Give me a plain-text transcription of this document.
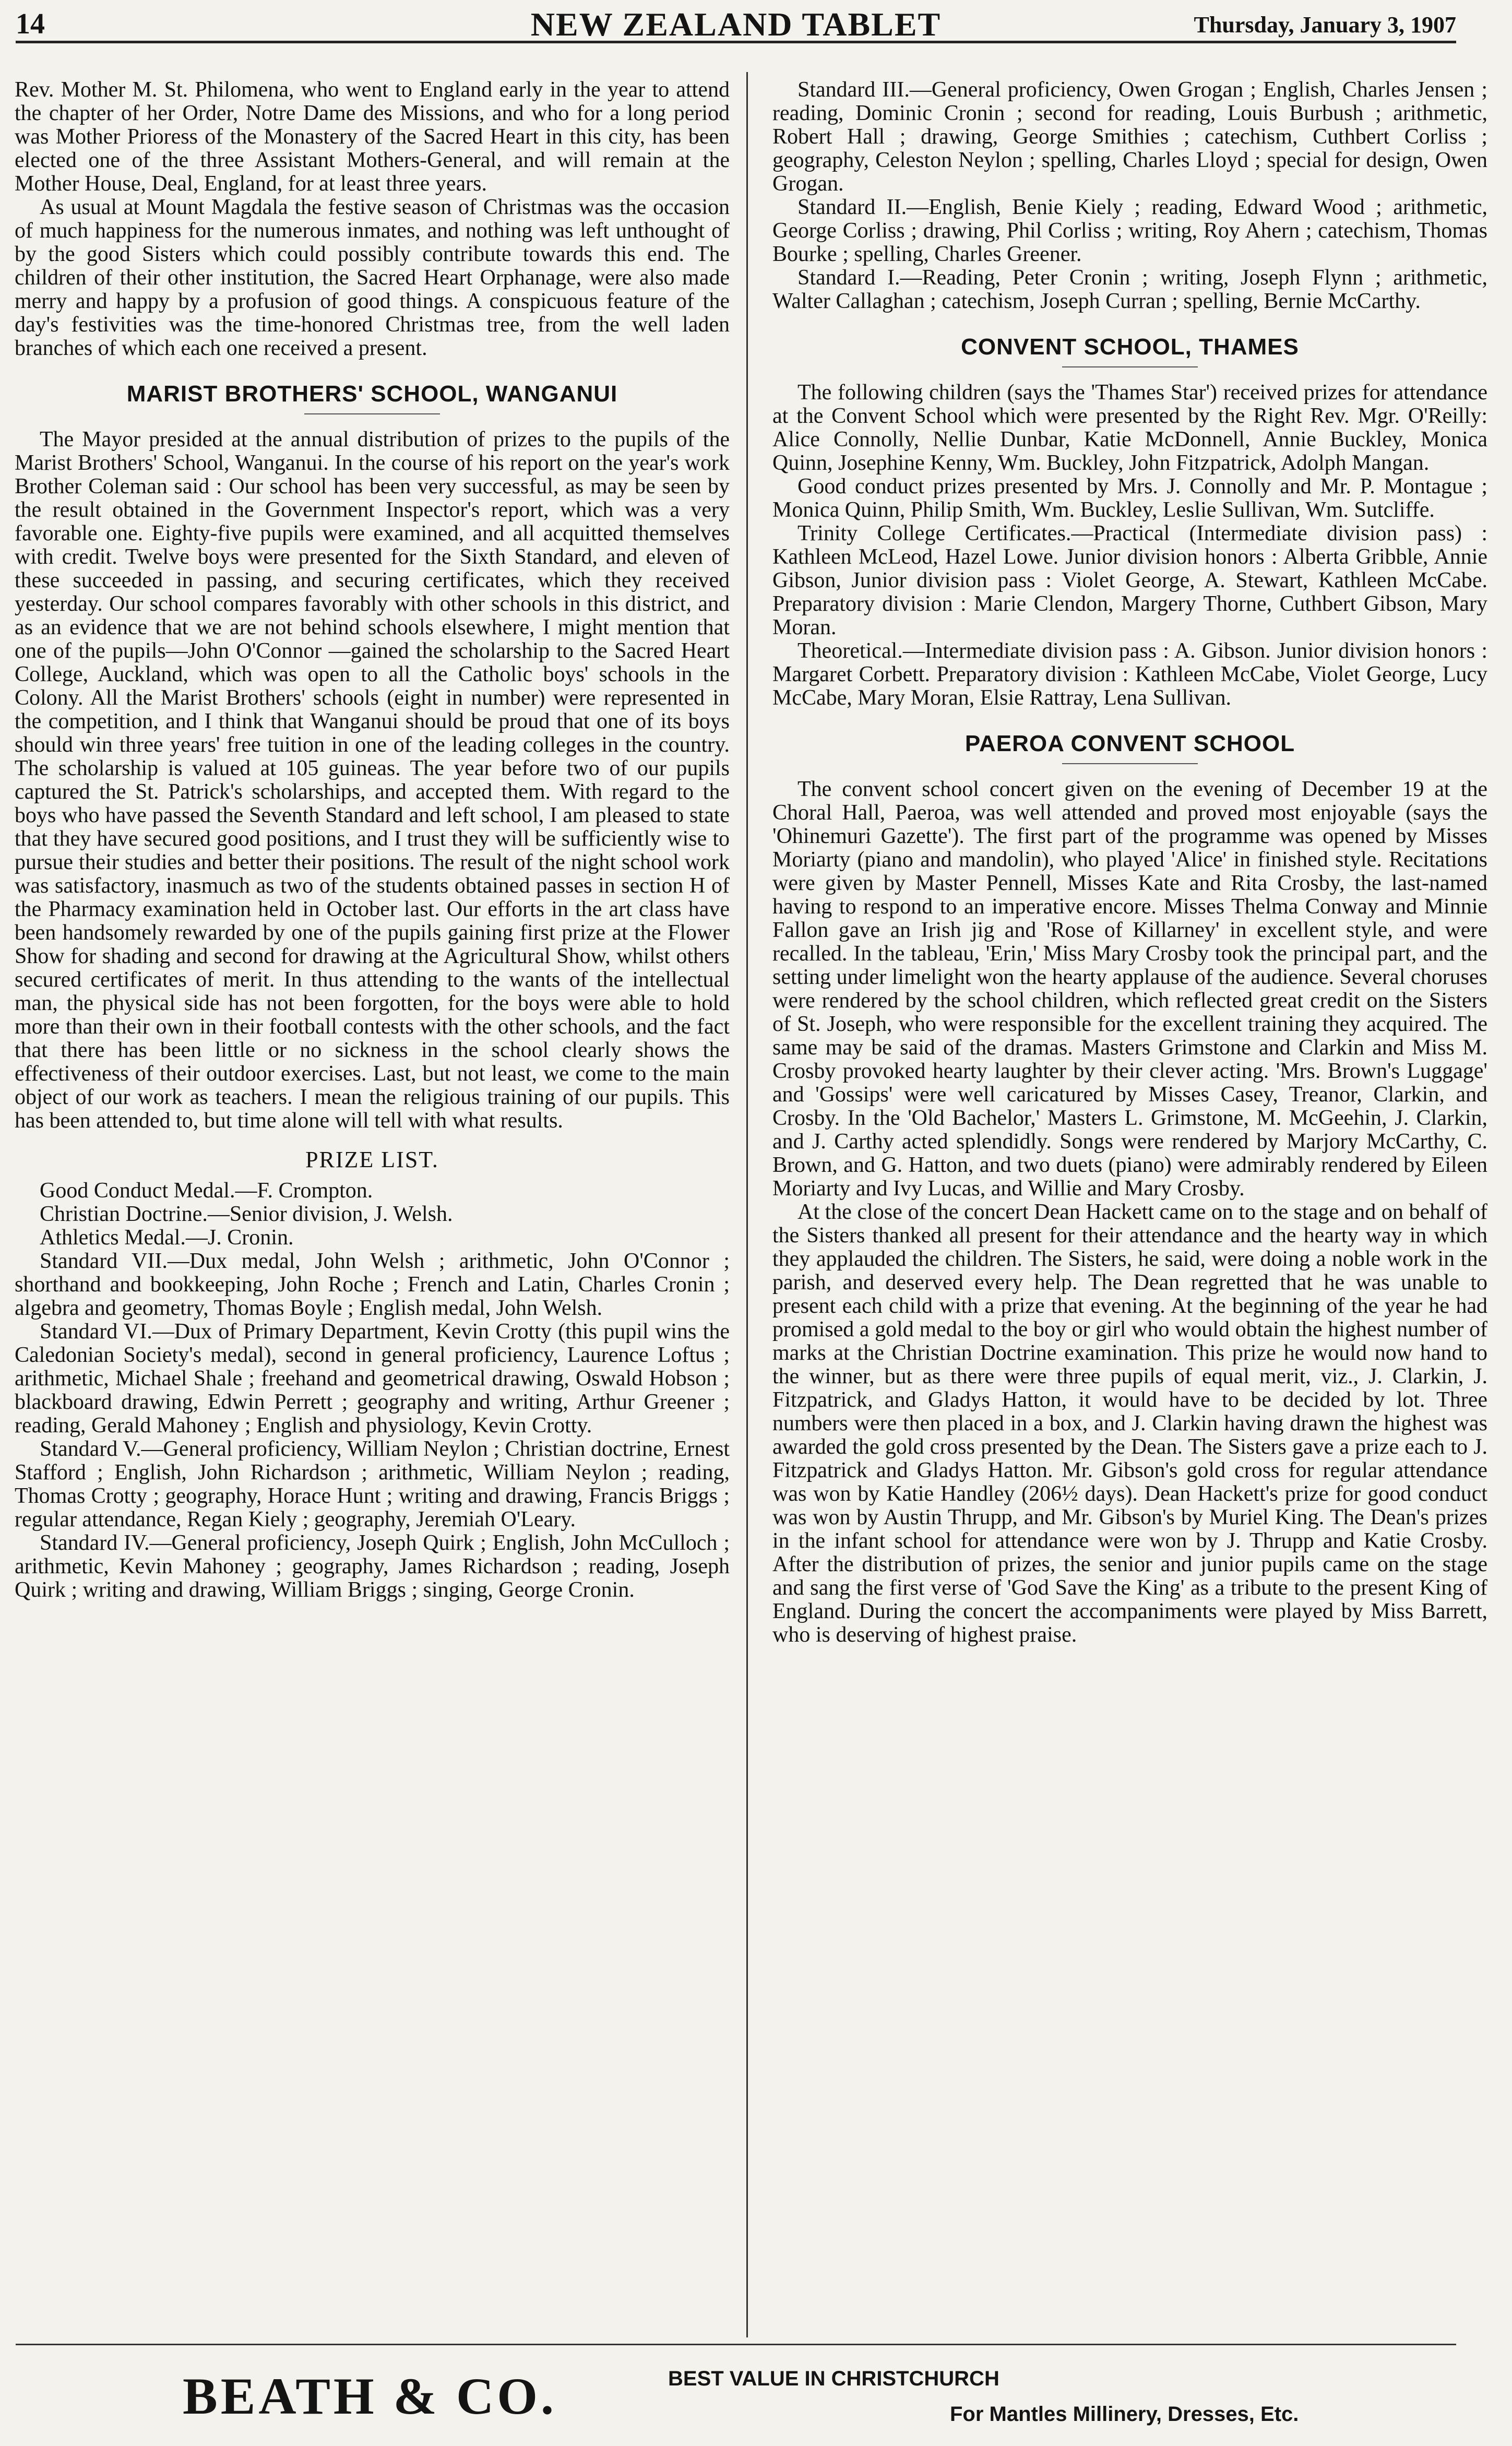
14	NEW ZEALAND TABLET	Thursday, January 3, 1907

Rev. Mother M. St. Philomena, who went to England early in the year to attend the chapter of her Order, Notre Dame des Missions, and who for a long period was Mother Prioress of the Monastery of the Sacred Heart in this city, has been elected one of the three Assistant Mothers-General, and will remain at the Mother House, Deal, England, for at least three years.

As usual at Mount Magdala the festive season of Christmas was the occasion of much happiness for the numerous inmates, and nothing was left unthought of by the good Sisters which could possibly contribute towards this end. The children of their other institution, the Sacred Heart Orphanage, were also made merry and happy by a profusion of good things. A conspicuous feature of the day's festivities was the time-honored Christmas tree, from the well laden branches of which each one received a present.

MARIST BROTHERS' SCHOOL, WANGANUI

The Mayor presided at the annual distribution of prizes to the pupils of the Marist Brothers' School, Wanganui. In the course of his report on the year's work Brother Coleman said : Our school has been very successful, as may be seen by the result obtained in the Government Inspector's report, which was a very favorable one. Eighty-five pupils were examined, and all acquitted themselves with credit. Twelve boys were presented for the Sixth Standard, and eleven of these succeeded in passing, and securing certificates, which they received yesterday. Our school compares favorably with other schools in this district, and as an evidence that we are not behind schools elsewhere, I might mention that one of the pupils—John O'Connor —gained the scholarship to the Sacred Heart College, Auckland, which was open to all the Catholic boys' schools in the Colony. All the Marist Brothers' schools (eight in number) were represented in the competition, and I think that Wanganui should be proud that one of its boys should win three years' free tuition in one of the leading colleges in the country. The scholarship is valued at 105 guineas. The year before two of our pupils captured the St. Patrick's scholarships, and accepted them. With regard to the boys who have passed the Seventh Standard and left school, I am pleased to state that they have secured good positions, and I trust they will be sufficiently wise to pursue their studies and better their positions. The result of the night school work was satisfactory, inasmuch as two of the students obtained passes in section H of the Pharmacy examination held in October last. Our efforts in the art class have been handsomely rewarded by one of the pupils gaining first prize at the Flower Show for shading and second for drawing at the Agricultural Show, whilst others secured certificates of merit. In thus attending to the wants of the intellectual man, the physical side has not been forgotten, for the boys were able to hold more than their own in their football contests with the other schools, and the fact that there has been little or no sickness in the school clearly shows the effectiveness of their outdoor exercises. Last, but not least, we come to the main object of our work as teachers. I mean the religious training of our pupils. This has been attended to, but time alone will tell with what results.

PRIZE LIST.

Good Conduct Medal.—F. Crompton.

Christian Doctrine.—Senior division, J. Welsh.

Athletics Medal.—J. Cronin.

Standard VII.—Dux medal, John Welsh ; arithmetic, John O'Connor ; shorthand and bookkeeping, John Roche ; French and Latin, Charles Cronin ; algebra and geometry, Thomas Boyle ; English medal, John Welsh.

Standard VI.—Dux of Primary Department, Kevin Crotty (this pupil wins the Caledonian Society's medal), second in general proficiency, Laurence Loftus ; arithmetic, Michael Shale ; freehand and geometrical drawing, Oswald Hobson ; blackboard drawing, Edwin Perrett ; geography and writing, Arthur Greener ; reading, Gerald Mahoney ; English and physiology, Kevin Crotty.

Standard V.—General proficiency, William Neylon ; Christian doctrine, Ernest Stafford ; English, John Richardson ; arithmetic, William Neylon ; reading, Thomas Crotty ; geography, Horace Hunt ; writing and drawing, Francis Briggs ; regular attendance, Regan Kiely ; geography, Jeremiah O'Leary.

Standard IV.—General proficiency, Joseph Quirk ; English, John McCulloch ; arithmetic, Kevin Mahoney ; geography, James Richardson ; reading, Joseph Quirk ; writing and drawing, William Briggs ; singing, George Cronin.

Standard III.—General proficiency, Owen Grogan ; English, Charles Jensen ; reading, Dominic Cronin ; second for reading, Louis Burbush ; arithmetic, Robert Hall ; drawing, George Smithies ; catechism, Cuthbert Corliss ; geography, Celeston Neylon ; spelling, Charles Lloyd ; special for design, Owen Grogan.

Standard II.—English, Benie Kiely ; reading, Edward Wood ; arithmetic, George Corliss ; drawing, Phil Corliss ; writing, Roy Ahern ; catechism, Thomas Bourke ; spelling, Charles Greener.

Standard I.—Reading, Peter Cronin ; writing, Joseph Flynn ; arithmetic, Walter Callaghan ; catechism, Joseph Curran ; spelling, Bernie McCarthy.

CONVENT SCHOOL, THAMES

The following children (says the 'Thames Star') received prizes for attendance at the Convent School which were presented by the Right Rev. Mgr. O'Reilly: Alice Connolly, Nellie Dunbar, Katie McDonnell, Annie Buckley, Monica Quinn, Josephine Kenny, Wm. Buckley, John Fitzpatrick, Adolph Mangan.

Good conduct prizes presented by Mrs. J. Connolly and Mr. P. Montague ; Monica Quinn, Philip Smith, Wm. Buckley, Leslie Sullivan, Wm. Sutcliffe.

Trinity College Certificates.—Practical (Intermediate division pass) : Kathleen McLeod, Hazel Lowe. Junior division honors : Alberta Gribble, Annie Gibson, Junior division pass : Violet George, A. Stewart, Kathleen McCabe. Preparatory division : Marie Clendon, Margery Thorne, Cuthbert Gibson, Mary Moran.

Theoretical.—Intermediate division pass : A. Gibson. Junior division honors : Margaret Corbett. Preparatory division : Kathleen McCabe, Violet George, Lucy McCabe, Mary Moran, Elsie Rattray, Lena Sullivan.

PAEROA CONVENT SCHOOL

The convent school concert given on the evening of December 19 at the Choral Hall, Paeroa, was well attended and proved most enjoyable (says the 'Ohinemuri Gazette'). The first part of the programme was opened by Misses Moriarty (piano and mandolin), who played 'Alice' in finished style. Recitations were given by Master Pennell, Misses Kate and Rita Crosby, the last-named having to respond to an imperative encore. Misses Thelma Conway and Minnie Fallon gave an Irish jig and 'Rose of Killarney' in excellent style, and were recalled. In the tableau, 'Erin,' Miss Mary Crosby took the principal part, and the setting under limelight won the hearty applause of the audience. Several choruses were rendered by the school children, which reflected great credit on the Sisters of St. Joseph, who were responsible for the excellent training they acquired. The same may be said of the dramas. Masters Grimstone and Clarkin and Miss M. Crosby provoked hearty laughter by their clever acting. 'Mrs. Brown's Luggage' and 'Gossips' were well caricatured by Misses Casey, Treanor, Clarkin, and Crosby. In the 'Old Bachelor,' Masters L. Grimstone, M. McGeehin, J. Clarkin, and J. Carthy acted splendidly. Songs were rendered by Marjory McCarthy, C. Brown, and G. Hatton, and two duets (piano) were admirably rendered by Eileen Moriarty and Ivy Lucas, and Willie and Mary Crosby.

At the close of the concert Dean Hackett came on to the stage and on behalf of the Sisters thanked all present for their attendance and the hearty way in which they applauded the children. The Sisters, he said, were doing a noble work in the parish, and deserved every help. The Dean regretted that he was unable to present each child with a prize that evening. At the beginning of the year he had promised a gold medal to the boy or girl who would obtain the highest number of marks at the Christian Doctrine examination. This prize he would now hand to the winner, but as there were three pupils of equal merit, viz., J. Clarkin, J. Fitzpatrick, and Gladys Hatton, it would have to be decided by lot. Three numbers were then placed in a box, and J. Clarkin having drawn the highest was awarded the gold cross presented by the Dean. The Sisters gave a prize each to J. Fitzpatrick and Gladys Hatton. Mr. Gibson's gold cross for regular attendance was won by Katie Handley (206½ days). Dean Hackett's prize for good conduct was won by Austin Thrupp, and Mr. Gibson's by Muriel King. The Dean's prizes in the infant school for attendance were won by J. Thrupp and Katie Crosby. After the distribution of prizes, the senior and junior pupils came on the stage and sang the first verse of 'God Save the King' as a tribute to the present King of England. During the concert the accompaniments were played by Miss Barrett, who is deserving of highest praise.

BEATH & CO.	BEST VALUE IN CHRISTCHURCH
For Mantles Millinery, Dresses, Etc.
